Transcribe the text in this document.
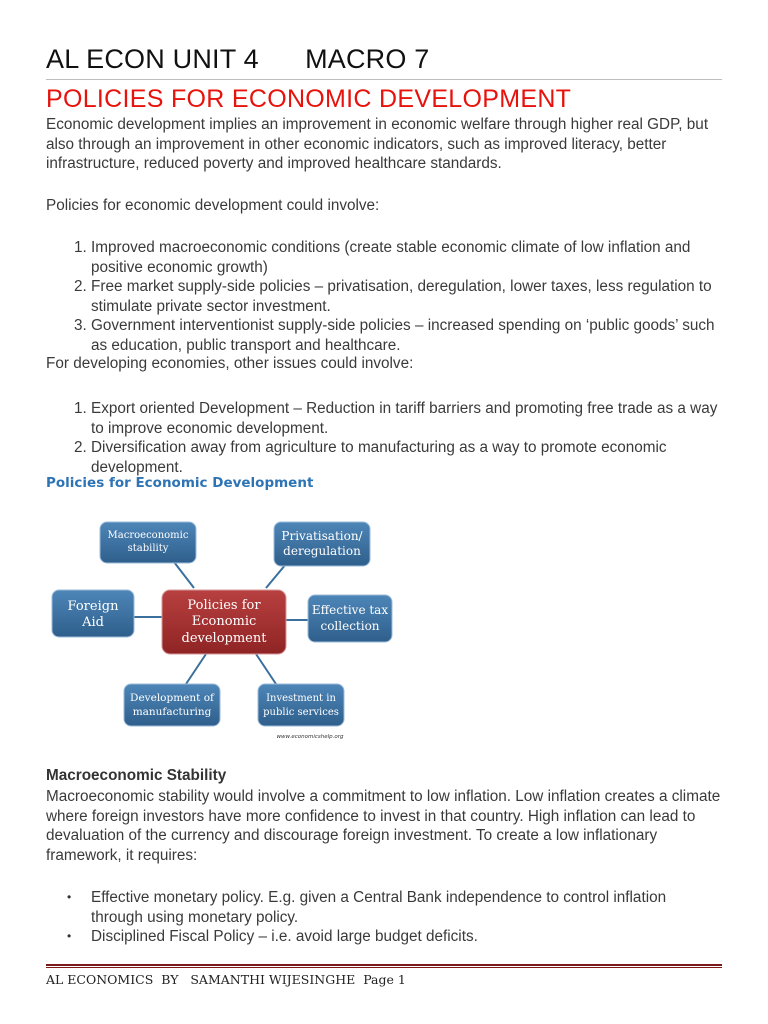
AL ECON UNIT 4      MACRO 7
POLICIES FOR ECONOMIC DEVELOPMENT
Economic development implies an improvement in economic welfare through higher real GDP, but also through an improvement in other economic indicators, such as improved literacy, better infrastructure, reduced poverty and improved healthcare standards.
Policies for economic development could involve:
1. Improved macroeconomic conditions (create stable economic climate of low inflation and positive economic growth)
2. Free market supply-side policies – privatisation, deregulation, lower taxes, less regulation to stimulate private sector investment.
3. Government interventionist supply-side policies – increased spending on ‘public goods’ such as education, public transport and healthcare.
For developing economies, other issues could involve:
1. Export oriented Development – Reduction in tariff barriers and promoting free trade as a way to improve economic development.
2. Diversification away from agriculture to manufacturing as a way to promote economic development.
Policies for Economic Development
Macroeconomic
stability
Privatisation/
deregulation
Foreign
Aid
Policies for
Economic
development
Effective tax
collection
Development of
manufacturing
Investment in
public services
www.economicshelp.org
Macroeconomic Stability
Macroeconomic stability would involve a commitment to low inflation. Low inflation creates a climate where foreign investors have more confidence to invest in that country. High inflation can lead to devaluation of the currency and discourage foreign investment. To create a low inflationary framework, it requires:
• Effective monetary policy. E.g. given a Central Bank independence to control inflation through using monetary policy.
• Disciplined Fiscal Policy – i.e. avoid large budget deficits.
AL ECONOMICS  BY   SAMANTHI WIJESINGHE  Page 1
